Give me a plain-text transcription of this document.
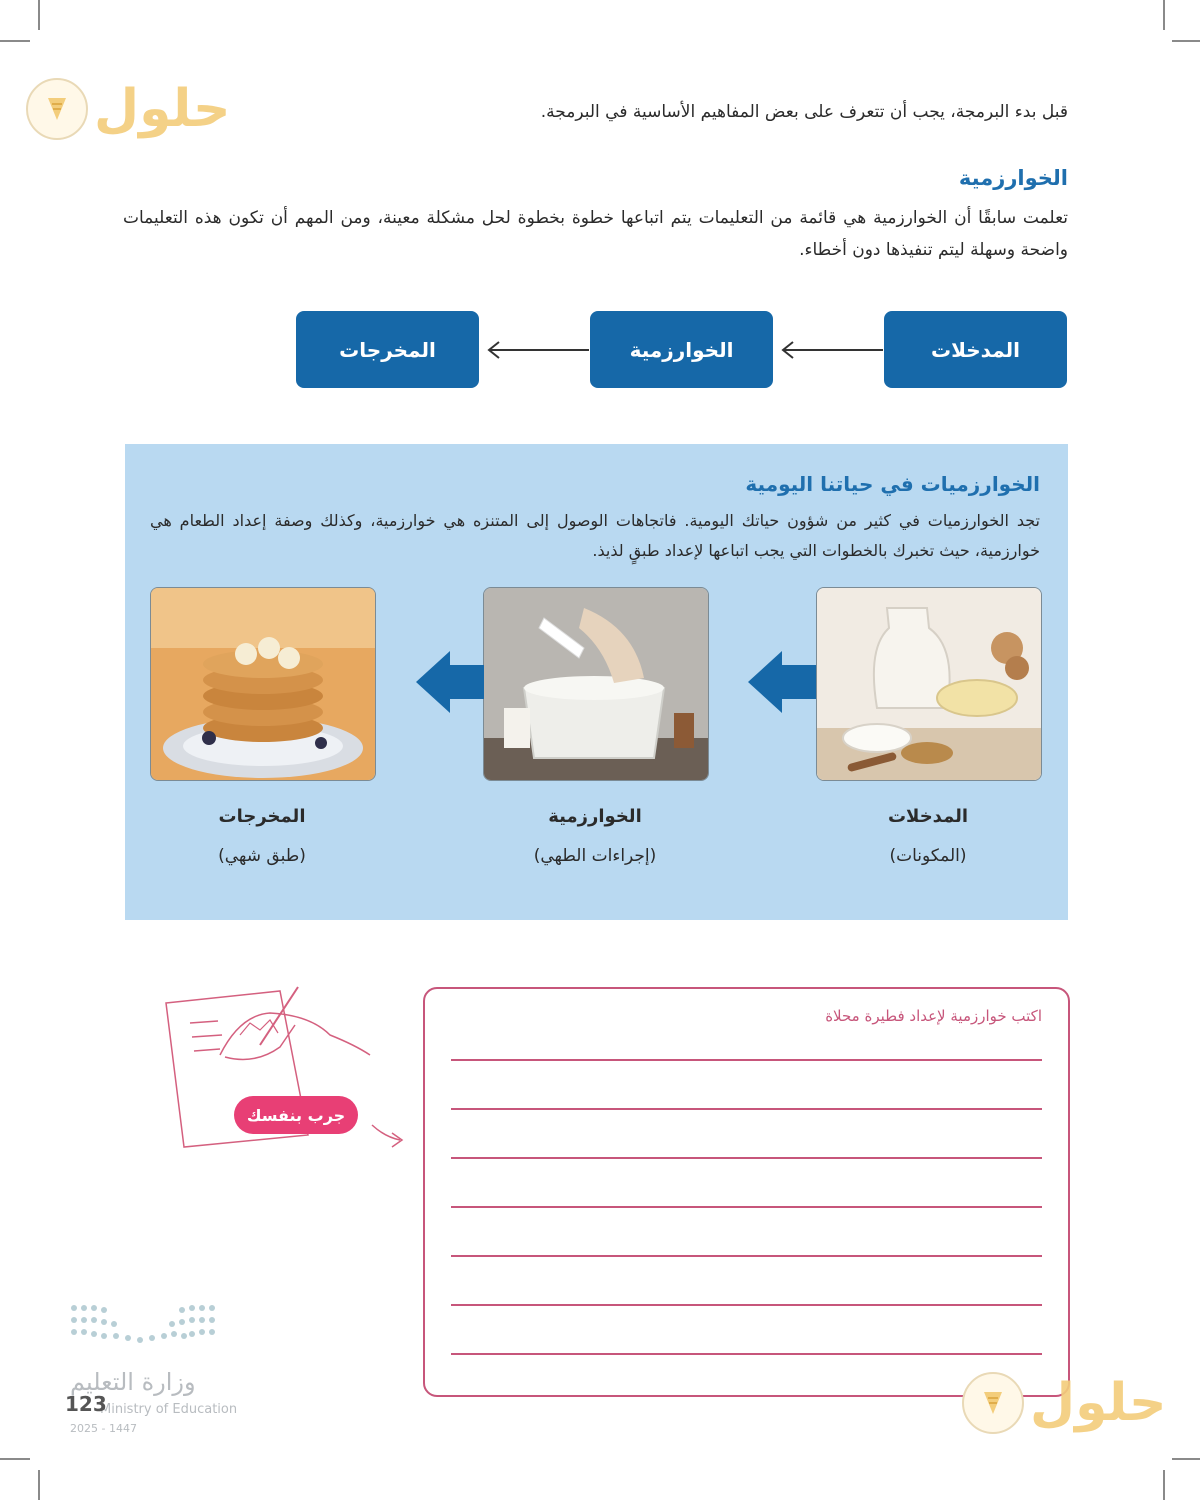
حلول	قبل بدء البرمجة، يجب أن تتعرف على بعض المفاهيم الأساسية في البرمجة.
الخوارزمية
تعلمت سابقًا أن الخوارزمية هي قائمة من التعليمات يتم اتباعها خطوة بخطوة لحل مشكلة معينة، ومن المهم أن تكون هذه التعليمات واضحة وسهلة ليتم تنفيذها دون أخطاء.
المدخلات
الخوارزمية
المخرجات
الخوارزميات في حياتنا اليومية
تجد الخوارزميات في كثير من شؤون حياتك اليومية. فاتجاهات الوصول إلى المتنزه هي خوارزمية، وكذلك وصفة إعداد الطعام هي خوارزمية، حيث تخبرك بالخطوات التي يجب اتباعها لإعداد طبقٍ لذيذ.
المدخلات
(المكونات)
الخوارزمية
(إجراءات الطهي)
المخرجات
(طبق شهي)
جرب بنفسك
اكتب خوارزمية لإعداد فطيرة محلاة
حلول
وزارة التعليم
Ministry of Education
123
2025 - 1447
